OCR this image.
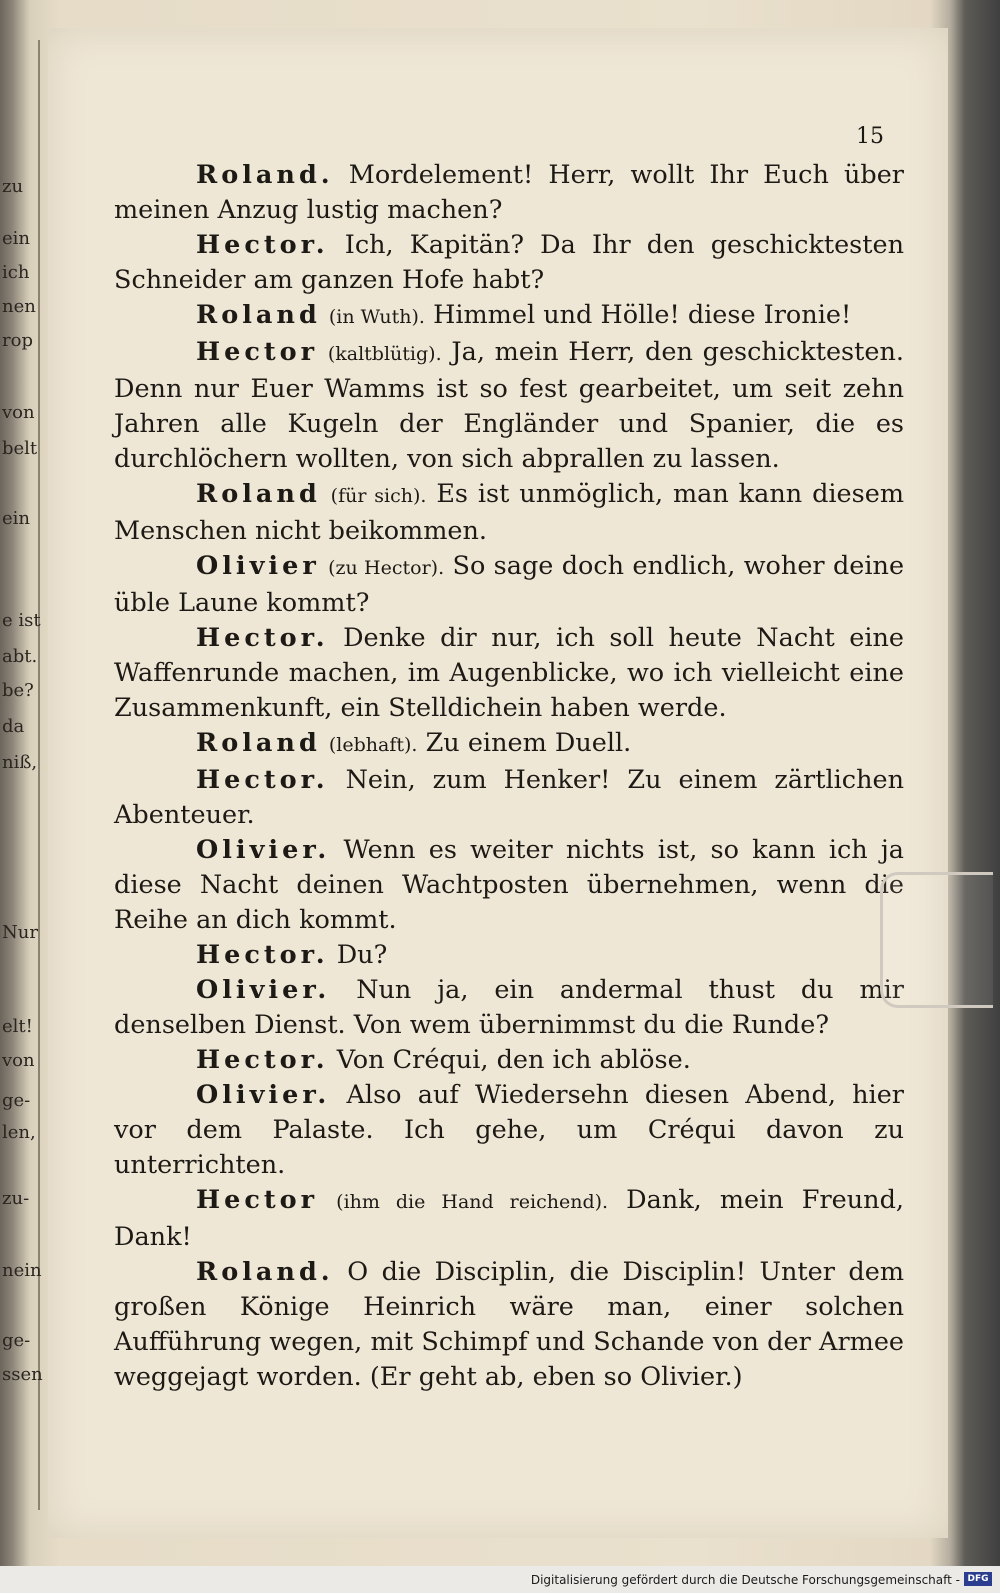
zu
ein
ich
nen
rop
von
belt
ein
e ist
abt.
be?
da
niß,
Nur
elt!
von
ge-
len,
zu-
nein
ge-
ssen
15

Roland. Mordelement! Herr, wollt Ihr Euch über meinen Anzug lustig machen?

Hector. Ich, Kapitän? Da Ihr den geschicktesten Schneider am ganzen Hofe habt?

Roland (in Wuth). Himmel und Hölle! diese Ironie!

Hector (kaltblütig). Ja, mein Herr, den geschicktesten. Denn nur Euer Wamms ist so fest gearbeitet, um seit zehn Jahren alle Kugeln der Engländer und Spanier, die es durchlöchern wollten, von sich abprallen zu lassen.

Roland (für sich). Es ist unmöglich, man kann diesem Menschen nicht beikommen.

Olivier (zu Hector). So sage doch endlich, woher deine üble Laune kommt?

Hector. Denke dir nur, ich soll heute Nacht eine Waffenrunde machen, im Augenblicke, wo ich vielleicht eine Zusammenkunft, ein Stelldichein haben werde.

Roland (lebhaft). Zu einem Duell.

Hector. Nein, zum Henker! Zu einem zärtlichen Abenteuer.

Olivier. Wenn es weiter nichts ist, so kann ich ja diese Nacht deinen Wachtposten übernehmen, wenn die Reihe an dich kommt.

Hector. Du?

Olivier. Nun ja, ein andermal thust du mir denselben Dienst. Von wem übernimmst du die Runde?

Hector. Von Créqui, den ich ablöse.

Olivier. Also auf Wiedersehn diesen Abend, hier vor dem Palaste. Ich gehe, um Créqui davon zu unterrichten.

Hector (ihm die Hand reichend). Dank, mein Freund, Dank!

Roland. O die Disciplin, die Disciplin! Unter dem großen Könige Heinrich wäre man, einer solchen Aufführung wegen, mit Schimpf und Schande von der Armee weggejagt worden. (Er geht ab, eben so Olivier.)

Digitalisierung gefördert durch die Deutsche Forschungsgemeinschaft - DFG
